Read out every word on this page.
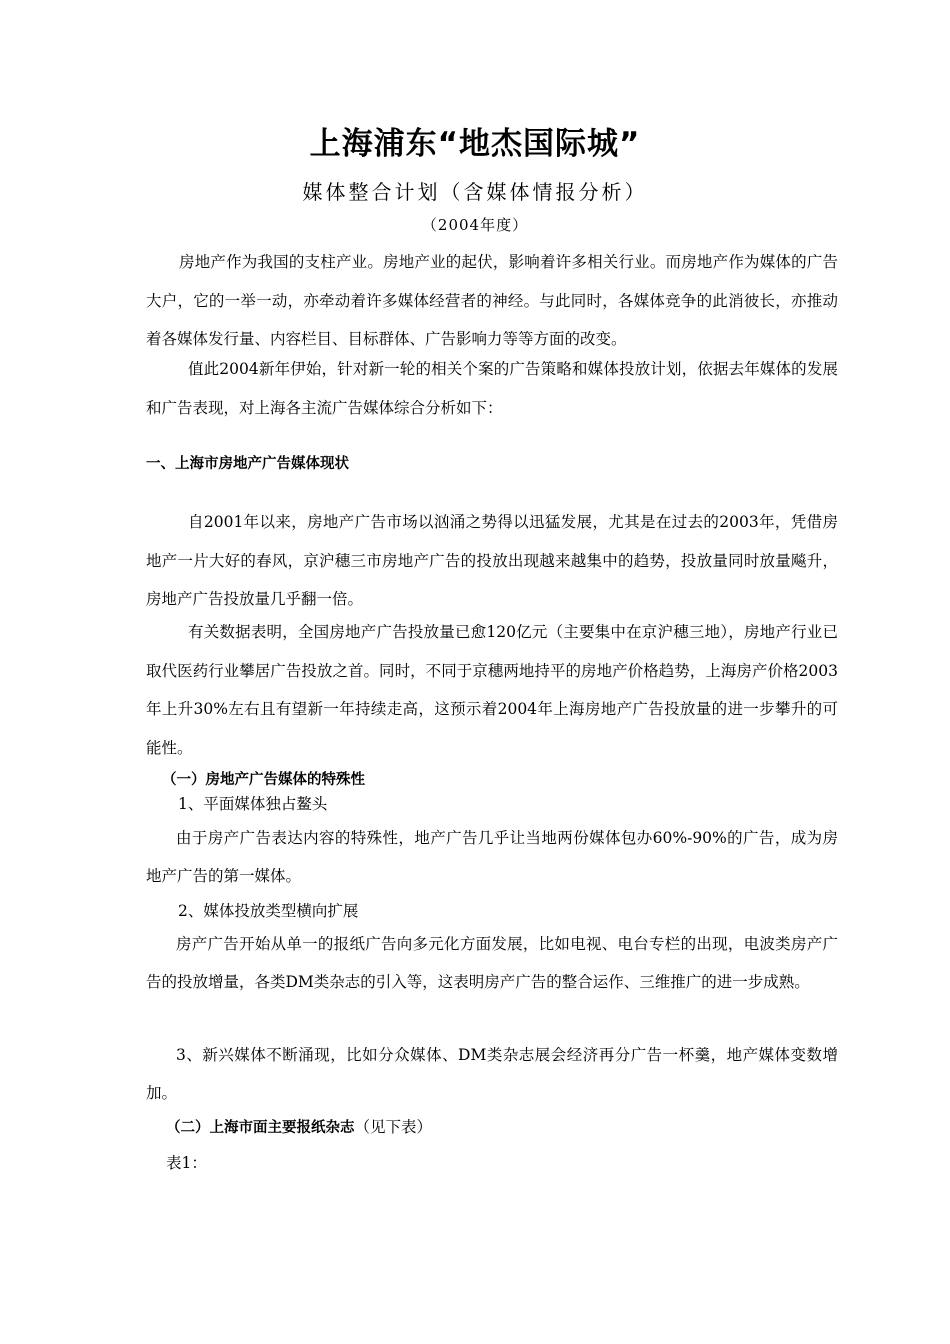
上海浦东“地杰国际城”
媒体整合计划（含媒体情报分析）
（2004年度）

房地产作为我国的支柱产业。房地产业的起伏，影响着许多相关行业。而房地产作为媒体的广告大户，它的一举一动，亦牵动着许多媒体经营者的神经。与此同时，各媒体竞争的此消彼长，亦推动着各媒体发行量、内容栏目、目标群体、广告影响力等等方面的改变。

值此2004新年伊始，针对新一轮的相关个案的广告策略和媒体投放计划，依据去年媒体的发展和广告表现，对上海各主流广告媒体综合分析如下：

一、上海市房地产广告媒体现状

自2001年以来，房地产广告市场以汹涌之势得以迅猛发展，尤其是在过去的2003年，凭借房地产一片大好的春风，京沪穗三市房地产广告的投放出现越来越集中的趋势，投放量同时放量飚升，房地产广告投放量几乎翻一倍。

有关数据表明，全国房地产广告投放量已愈120亿元（主要集中在京沪穗三地），房地产行业已取代医药行业攀居广告投放之首。同时，不同于京穗两地持平的房地产价格趋势，上海房产价格2003年上升30%左右且有望新一年持续走高，这预示着2004年上海房地产广告投放量的进一步攀升的可能性。

（一）房地产广告媒体的特殊性
1、平面媒体独占鳌头

由于房产广告表达内容的特殊性，地产广告几乎让当地两份媒体包办60%-90%的广告，成为房地产广告的第一媒体。

2、媒体投放类型横向扩展

房产广告开始从单一的报纸广告向多元化方面发展，比如电视、电台专栏的出现，电波类房产广告的投放增量，各类DM类杂志的引入等，这表明房产广告的整合运作、三维推广的进一步成熟。

3、新兴媒体不断涌现，比如分众媒体、DM类杂志展会经济再分广告一杯羹，地产媒体变数增加。

（二）上海市面主要报纸杂志（见下表）
表1：
